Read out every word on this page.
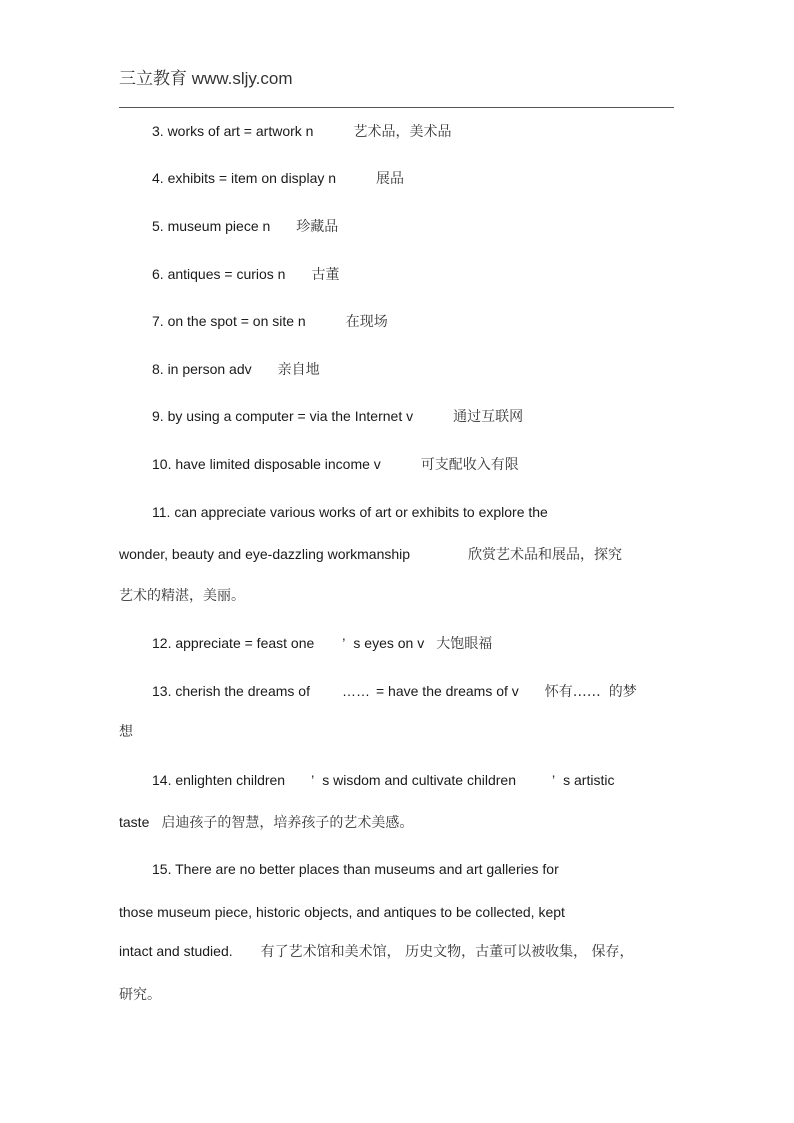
三立教育 www.sljy.com
3. works of art = artwork n	艺术品，美术品
4. exhibits = item on display n	展品
5. museum piece n 珍藏品
6. antiques = curios n 古董
7. on the spot = on site n	在现场
8. in person adv 亲自地
9. by using a computer = via the Internet v	通过互联网
10. have limited disposable income v	可支配收入有限
11. can appreciate various works of art or exhibits to explore the
wonder, beauty and eye-dazzling workmanship	欣赏艺术品和展品，探究
艺术的精湛，美丽。
12. appreciate = feast one ’ s eyes on v 大饱眼福
13. cherish the dreams of …… = have the dreams of v 怀有…… 的梦
想
14. enlighten children ’ s wisdom and cultivate children	’ s artistic
taste 启迪孩子的智慧，培养孩子的艺术美感。
15. There are no better places than museums and art galleries for
those museum piece, historic objects, and antiques to be collected, kept
intact and studied. 有了艺术馆和美术馆， 历史文物，古董可以被收集， 保存，
研究。
